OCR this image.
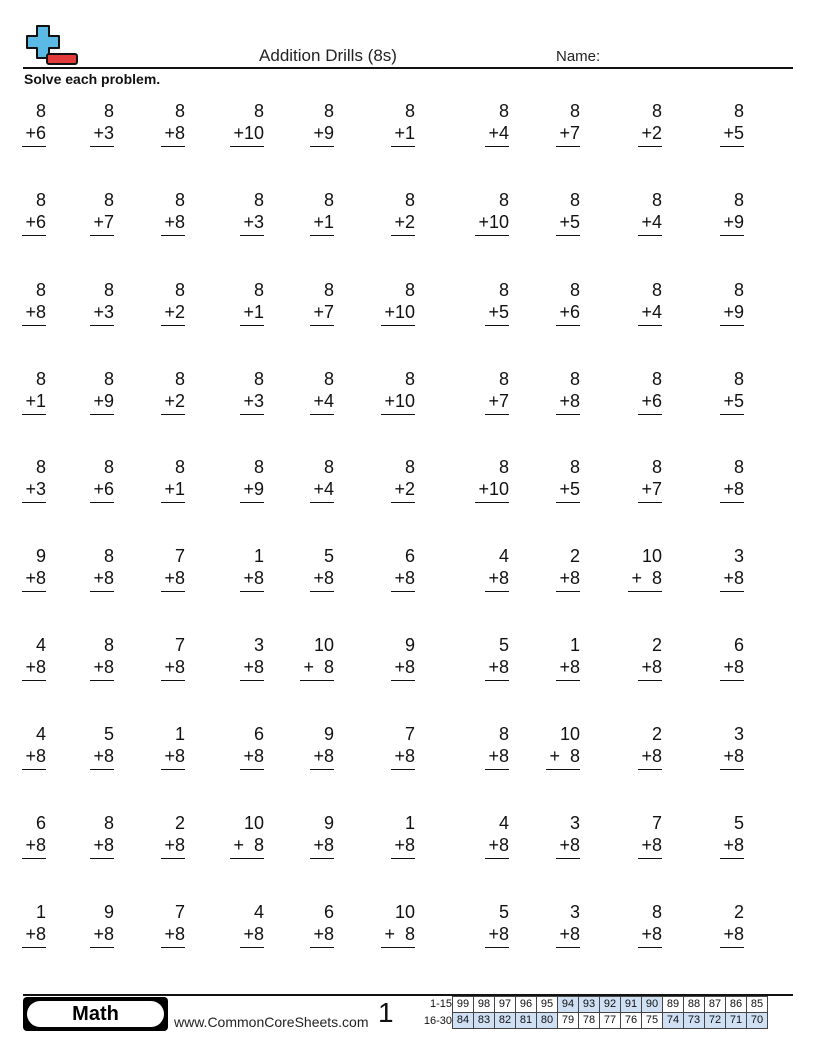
Addition Drills (8s)	Name:
Solve each problem.
8
+6
8
+3
8
+8
8
+10
8
+9
8
+1
8
+4
8
+7
8
+2
8
+5
8
+6
8
+7
8
+8
8
+3
8
+1
8
+2
8
+10
8
+5
8
+4
8
+9
8
+8
8
+3
8
+2
8
+1
8
+7
8
+10
8
+5
8
+6
8
+4
8
+9
8
+1
8
+9
8
+2
8
+3
8
+4
8
+10
8
+7
8
+8
8
+6
8
+5
8
+3
8
+6
8
+1
8
+9
8
+4
8
+2
8
+10
8
+5
8
+7
8
+8
9
+8
8
+8
7
+8
1
+8
5
+8
6
+8
4
+8
2
+8
10
+  8
3
+8
4
+8
8
+8
7
+8
3
+8
10
+  8
9
+8
5
+8
1
+8
2
+8
6
+8
4
+8
5
+8
1
+8
6
+8
9
+8
7
+8
8
+8
10
+  8
2
+8
3
+8
6
+8
8
+8
2
+8
10
+  8
9
+8
1
+8
4
+8
3
+8
7
+8
5
+8
1
+8
9
+8
7
+8
4
+8
6
+8
10
+  8
5
+8
3
+8
8
+8
2
+8
Math	www.CommonCoreSheets.com 1	1-15
16-30
99	98	97	96	95	94	93	92	91	90	89	88	87	86	85
84	83	82	81	80	79	78	77	76	75	74	73	72	71	70
